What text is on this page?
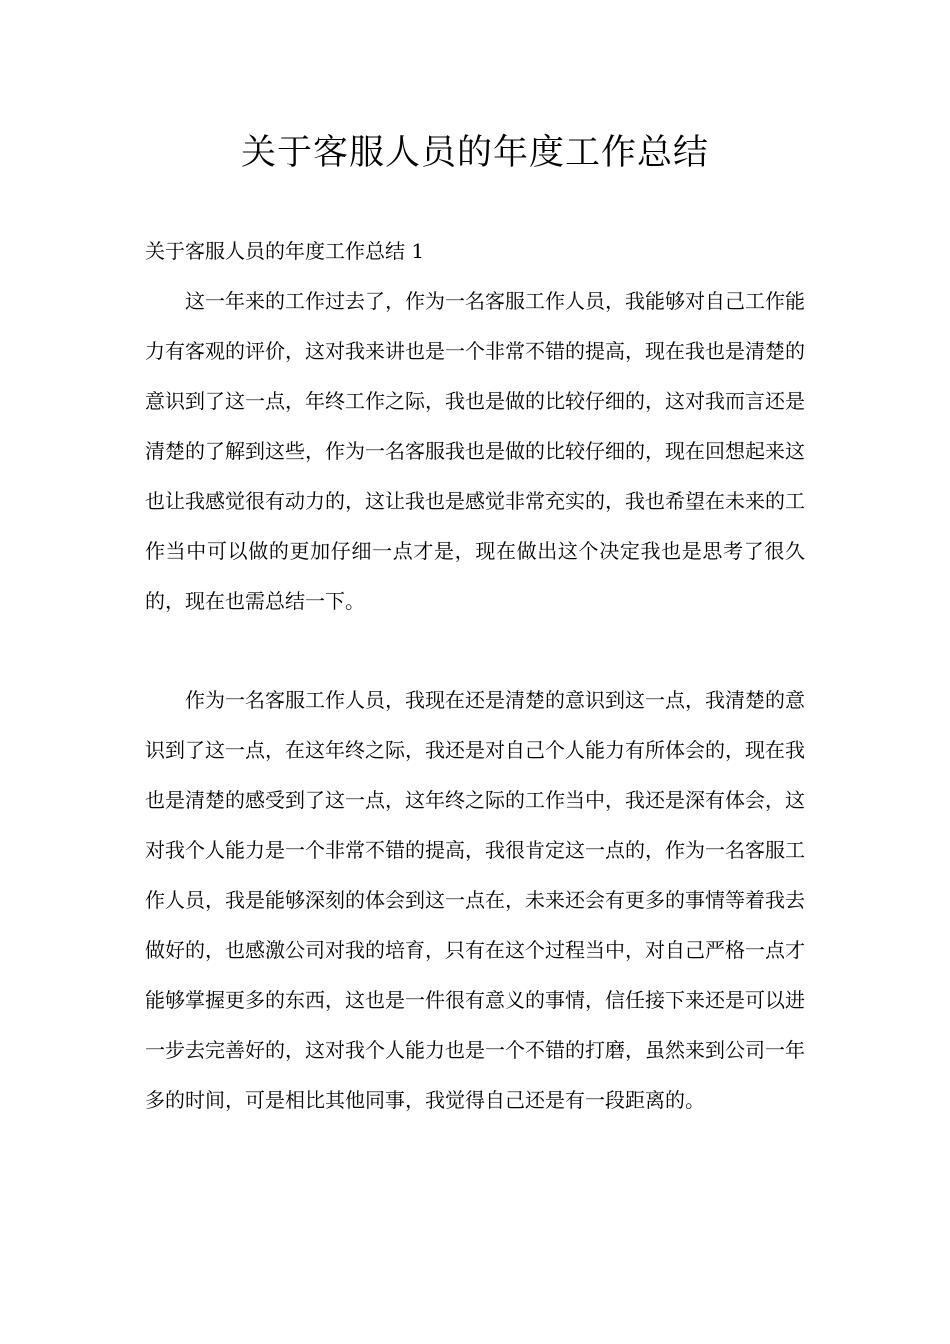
关于客服人员的年度工作总结

关于客服人员的年度工作总结 1

这一年来的工作过去了，作为一名客服工作人员，我能够对自己工作能力有客观的评价，这对我来讲也是一个非常不错的提高，现在我也是清楚的意识到了这一点，年终工作之际，我也是做的比较仔细的，这对我而言还是清楚的了解到这些，作为一名客服我也是做的比较仔细的，现在回想起来这也让我感觉很有动力的，这让我也是感觉非常充实的，我也希望在未来的工作当中可以做的更加仔细一点才是，现在做出这个决定我也是思考了很久的，现在也需总结一下。

作为一名客服工作人员，我现在还是清楚的意识到这一点，我清楚的意识到了这一点，在这年终之际，我还是对自己个人能力有所体会的，现在我也是清楚的感受到了这一点，这年终之际的工作当中，我还是深有体会，这对我个人能力是一个非常不错的提高，我很肯定这一点的，作为一名客服工作人员，我是能够深刻的体会到这一点在，未来还会有更多的事情等着我去做好的，也感激公司对我的培育，只有在这个过程当中，对自己严格一点才能够掌握更多的东西，这也是一件很有意义的事情，信任接下来还是可以进一步去完善好的，这对我个人能力也是一个不错的打磨，虽然来到公司一年多的时间，可是相比其他同事，我觉得自己还是有一段距离的。
